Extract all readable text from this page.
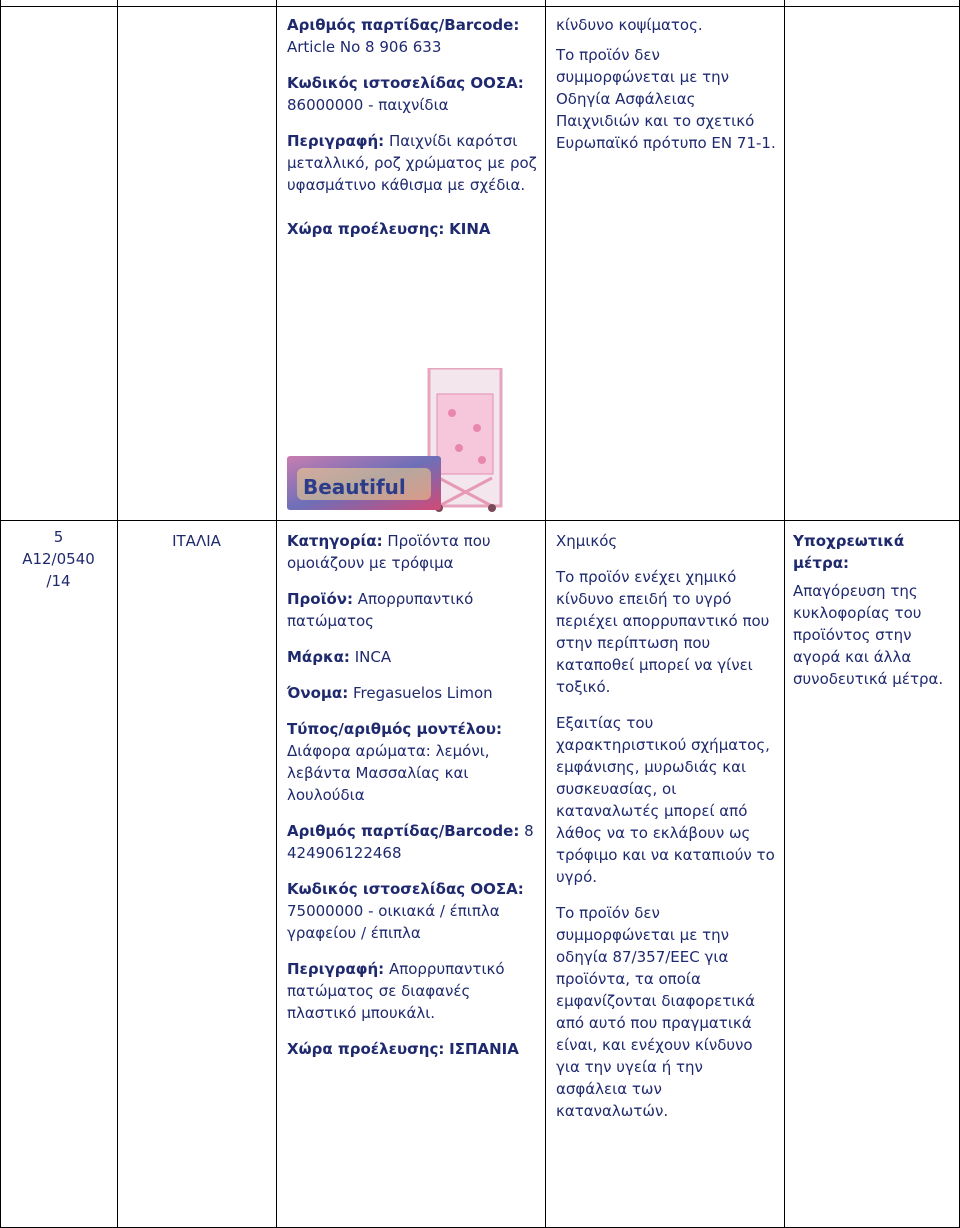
Αριθμός παρτίδας/Barcode: Article No 8 906 633

Κωδικός ιστοσελίδας ΟΟΣΑ: 86000000 - παιχνίδια

Περιγραφή: Παιχνίδι καρότσι μεταλλικό, ροζ χρώματος με ροζ υφασμάτινο κάθισμα με σχέδια.

Χώρα προέλευσης: ΚΙΝΑ

Beautiful

κίνδυνο κοψίματος.

Το προϊόν δεν συμμορφώνεται με την Οδηγία Ασφάλειας Παιχνιδιών και το σχετικό Ευρωπαϊκό πρότυπο EN 71-1.

5

A12/0540 /14

ΙΤΑΛΙΑ	Κατηγορία: Προϊόντα που ομοιάζουν με τρόφιμα

Προϊόν: Απορρυπαντικό πατώματος

Μάρκα: INCA

Όνομα: Fregasuelos Limon

Τύπος/αριθμός μοντέλου: Διάφορα αρώματα: λεμόνι, λεβάντα Μασσαλίας και λουλούδια

Αριθμός παρτίδας/Barcode: 8 424906122468

Κωδικός ιστοσελίδας ΟΟΣΑ: 75000000 - οικιακά / έπιπλα γραφείου / έπιπλα

Περιγραφή: Απορρυπαντικό πατώματος σε διαφανές πλαστικό μπουκάλι.

Χώρα προέλευσης: ΙΣΠΑΝΙΑ

Χημικός

Το προϊόν ενέχει χημικό κίνδυνο επειδή το υγρό περιέχει απορρυπαντικό που στην περίπτωση που καταποθεί μπορεί να γίνει τοξικό.

Εξαιτίας του χαρακτηριστικού σχήματος, εμφάνισης, μυρωδιάς και συσκευασίας, οι καταναλωτές μπορεί από λάθος να το εκλάβουν ως τρόφιμο και να καταπιούν το υγρό.

Το προϊόν δεν συμμορφώνεται με την οδηγία 87/357/EEC για προϊόντα, τα οποία εμφανίζονται διαφορετικά από αυτό που πραγματικά είναι, και ενέχουν κίνδυνο για την υγεία ή την ασφάλεια των καταναλωτών.

Υποχρεωτικά μέτρα:

Απαγόρευση της κυκλοφορίας του προϊόντος στην αγορά και άλλα συνοδευτικά μέτρα.
